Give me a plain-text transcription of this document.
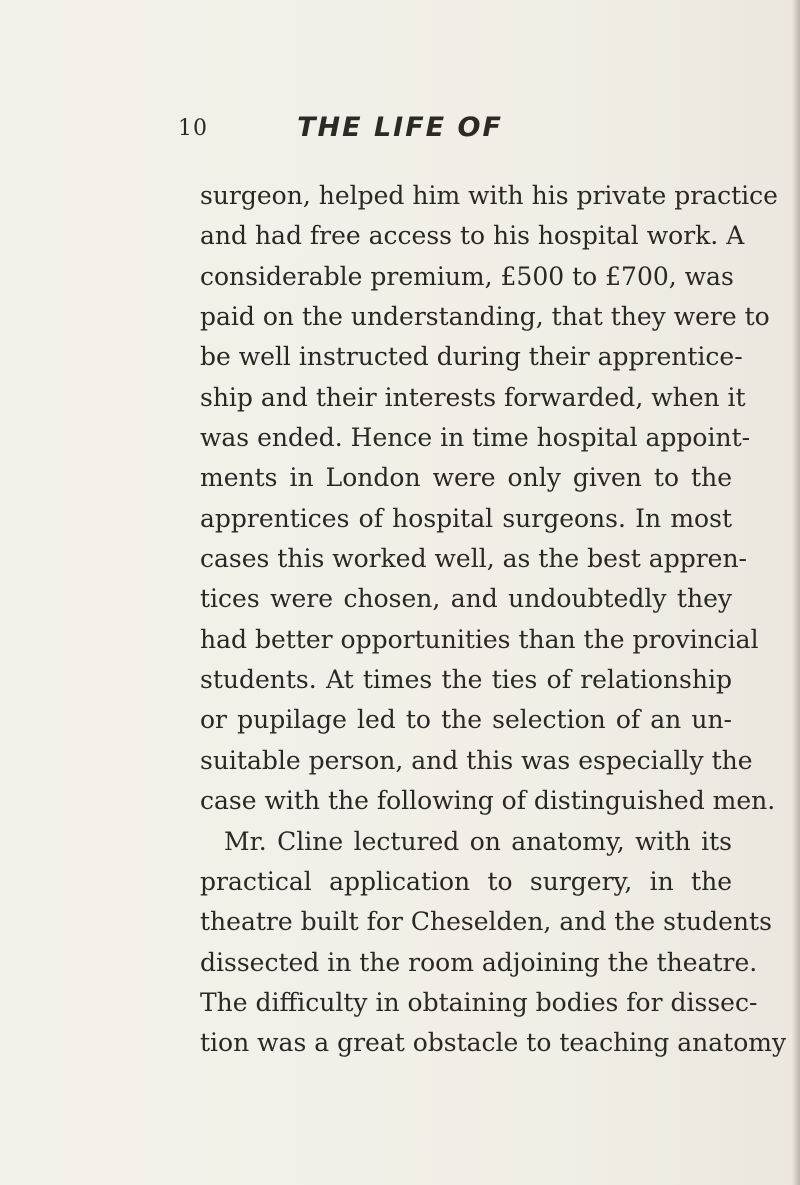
10	THE LIFE OF
surgeon, helped him with his private practice
and had free access to his hospital work. A
considerable premium, £500 to £700, was
paid on the understanding, that they were to
be well instructed during their apprentice-
ship and their interests forwarded, when it
was ended. Hence in time hospital appoint-
ments in London were only given to the
apprentices of hospital surgeons. In most
cases this worked well, as the best appren-
tices were chosen, and undoubtedly they
had better opportunities than the provincial
students. At times the ties of relationship
or pupilage led to the selection of an un-
suitable person, and this was especially the
case with the following of distinguished men.
Mr. Cline lectured on anatomy, with its
practical application to surgery, in the
theatre built for Cheselden, and the students
dissected in the room adjoining the theatre.
The difficulty in obtaining bodies for dissec-
tion was a great obstacle to teaching anatomy
